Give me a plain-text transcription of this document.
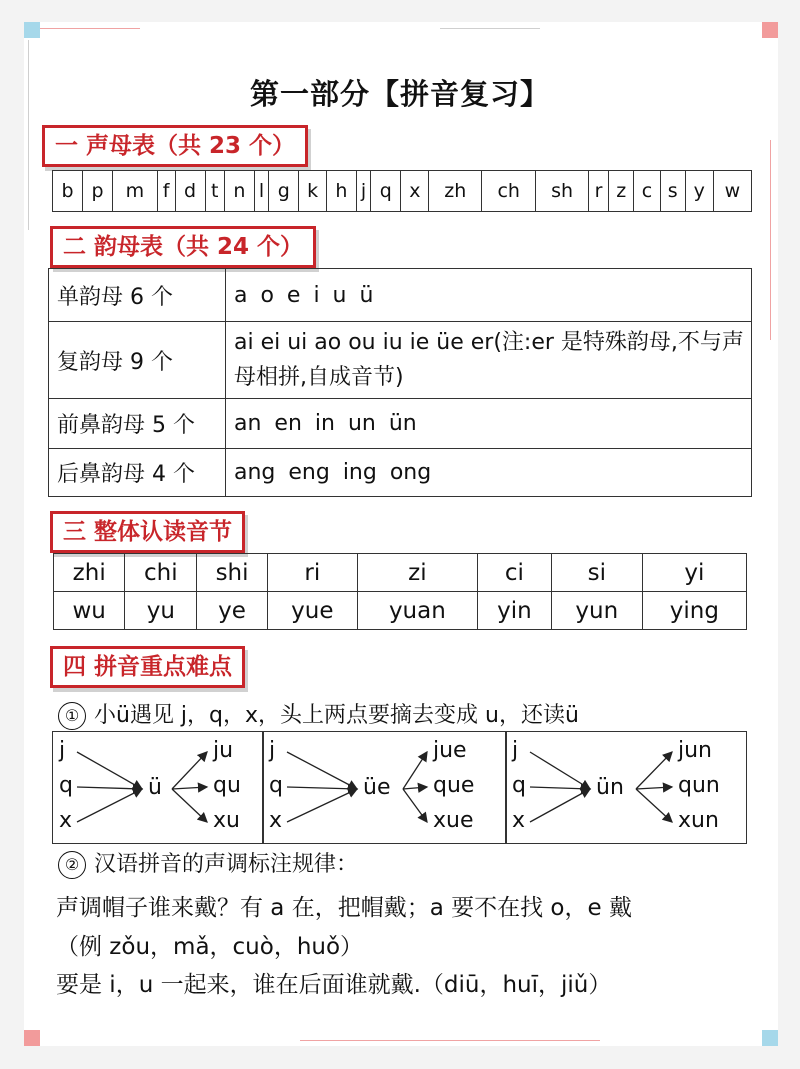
第一部分【拼音复习】
一 声母表（共 23 个）
b	p	m	f	d	t	n	l	g	k	h	j	q	x	zh	ch	sh	r	z	c	s	y	w
二 韵母表（共 24 个）
单韵母 6 个	a o e i u ü
复韵母 9 个	ai ei ui ao ou iu ie üe er(注:er 是特殊韵母,不与声母相拼,自成音节)
前鼻韵母 5 个	an en in un ün
后鼻韵母 4 个	ang eng ing ong
三 整体认读音节
zhi	chi	shi	ri	zi	ci	si	yi
wu	yu	ye	yue	yuan	yin	yun	ying
四 拼音重点难点
① 小ü遇见 j，q，x，头上两点要摘去变成 u，还读ü
j
q
x
ü
ju
qu
xu
j
q
x
üe
jue
que
xue
j
q
x
ün
jun
qun
xun
② 汉语拼音的声调标注规律：
声调帽子谁来戴？有 a 在，把帽戴；a 要不在找 o，e 戴
（例 zǒu，mǎ，cuò，huǒ）
要是 i，u 一起来，谁在后面谁就戴.（diū，huī，jiǔ）
